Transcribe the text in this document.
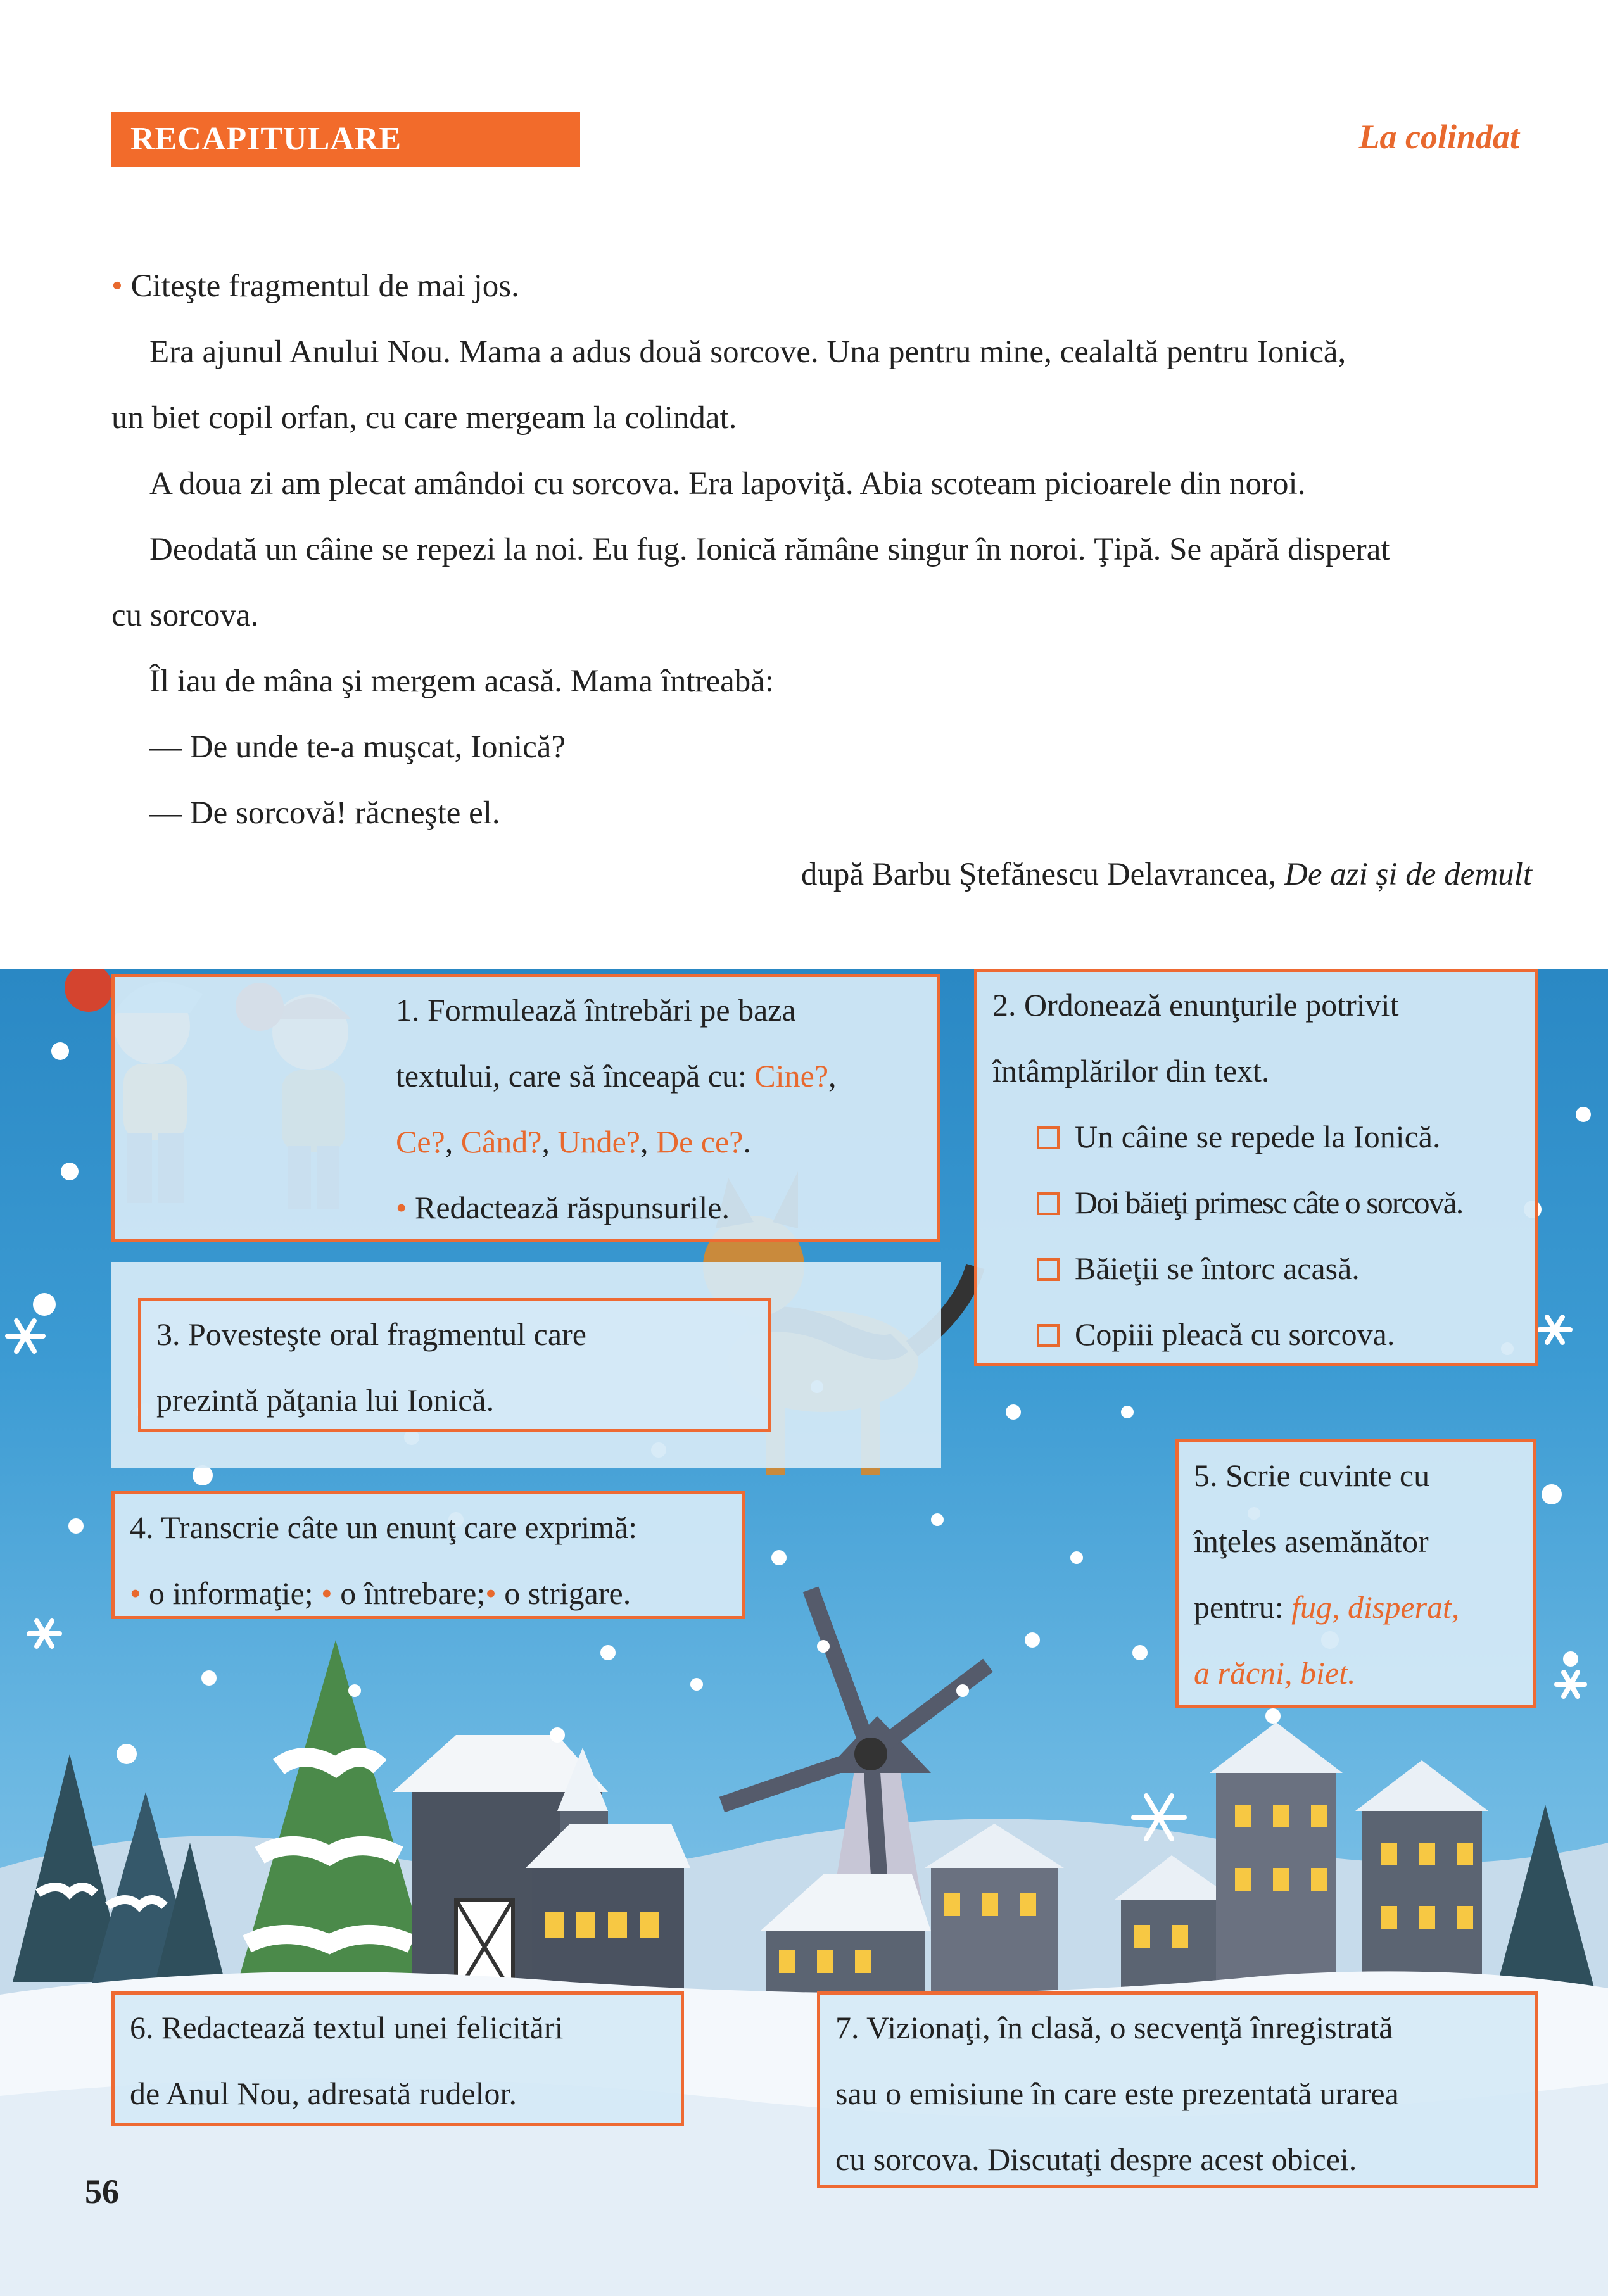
RECAPITULARE	La colindat

• Citeşte fragmentul de mai jos.

Era ajunul Anului Nou. Mama a adus două sorcove. Una pentru mine, cealaltă pentru Ionică,

un biet copil orfan, cu care mergeam la colindat.

A doua zi am plecat amândoi cu sorcova. Era lapoviţă. Abia scoteam picioarele din noroi.

Deodată un câine se repezi la noi. Eu fug. Ionică rămâne singur în noroi. Ţipă. Se apără disperat

cu sorcova.

Îl iau de mâna şi mergem acasă. Mama întreabă:

— De unde te-a muşcat, Ionică?

— De sorcovă! răcneşte el.

după Barbu Ştefănescu Delavrancea, De azi și de demult

1. Formulează întrebări pe baza

textului, care să înceapă cu: Cine?,

Ce?, Când?, Unde?, De ce?.

• Redactează răspunsurile.

2. Ordonează enunţurile potrivit

întâmplărilor din text.

Un câine se repede la Ionică.

Doi băieţi primesc câte o sorcovă.

Băieţii se întorc acasă.

Copiii pleacă cu sorcova.

3. Povesteşte oral fragmentul care

prezintă păţania lui Ionică.

4. Transcrie câte un enunţ care exprimă:

• o informaţie; • o întrebare;• o strigare.

5. Scrie cuvinte cu

înţeles asemănător

pentru: fug, disperat,

a răcni, biet.

6. Redactează textul unei felicitări

de Anul Nou, adresată rudelor.

7. Vizionaţi, în clasă, o secvenţă înregistrată

sau o emisiune în care este prezentată urarea

cu sorcova. Discutaţi despre acest obicei.

56
